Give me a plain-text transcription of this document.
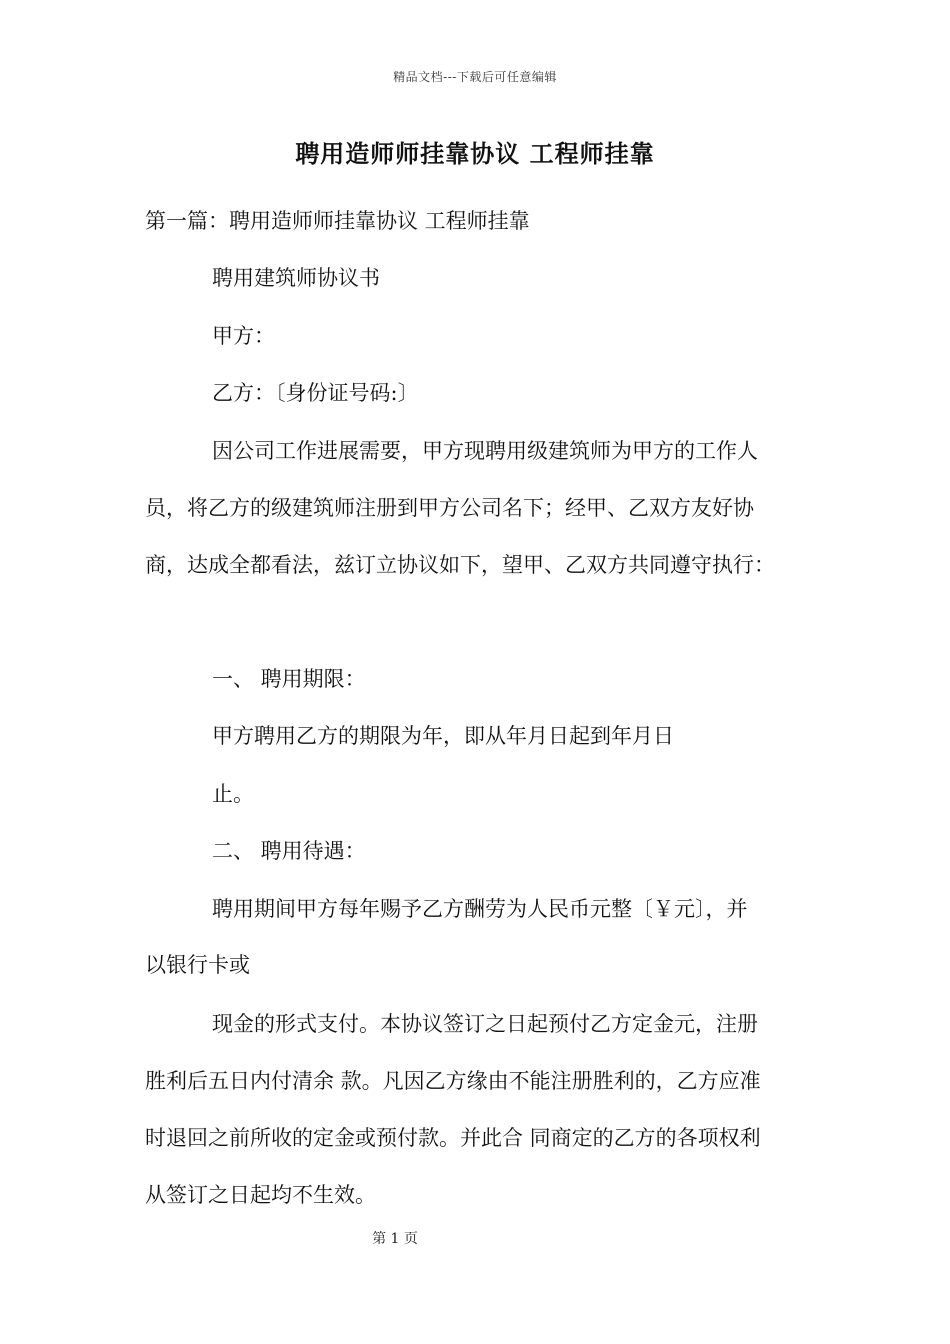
精品文档---下载后可任意编辑
聘用造师师挂靠协议 工程师挂靠
第一篇：聘用造师师挂靠协议 工程师挂靠
聘用建筑师协议书
甲方：
乙方：〔身份证号码:〕
因公司工作进展需要，甲方现聘用级建筑师为甲方的工作人
员，将乙方的级建筑师注册到甲方公司名下；经甲、乙双方友好协
商，达成全都看法，兹订立协议如下，望甲、乙双方共同遵守执行：
一、 聘用期限：
甲方聘用乙方的期限为年，即从年月日起到年月日
止。
二、 聘用待遇：
聘用期间甲方每年赐予乙方酬劳为人民币元整〔￥元〕，并
以银行卡或
现金的形式支付。本协议签订之日起预付乙方定金元，注册
胜利后五日内付清余 款。凡因乙方缘由不能注册胜利的，乙方应准
时退回之前所收的定金或预付款。并此合 同商定的乙方的各项权利
从签订之日起均不生效。
第 1 页
